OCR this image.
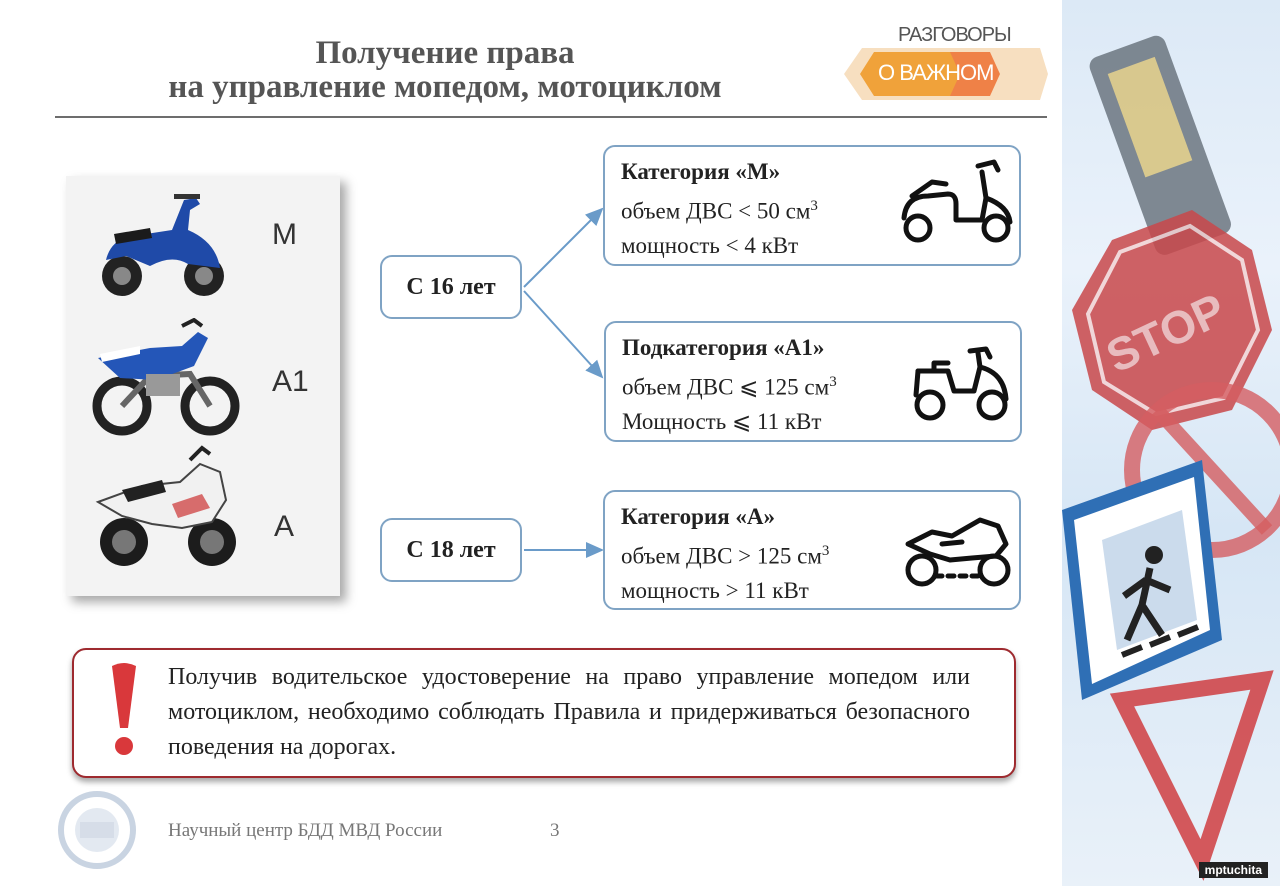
STOP
Получение права
на управление мопедом, мотоциклом
РАЗГОВОРЫ
О ВАЖНОМ
М
А1
А
С 16 лет
С 18 лет
Категория «М»
объем ДВС < 50 $см^3$
мощность < 4 кВт
Подкатегория «А1»
объем ДВС ⩽ 125 $см^3$
Мощность ⩽ 11 кВт
Категория «А»
объем ДВС > 125 $см^3$
мощность > 11 кВт
Получив водительское удостоверение на право управление мопедом или мотоциклом, необходимо соблюдать Правила и придерживаться безопасного поведения на дорогах.
Научный центр БДД МВД России	3
mptuchita
